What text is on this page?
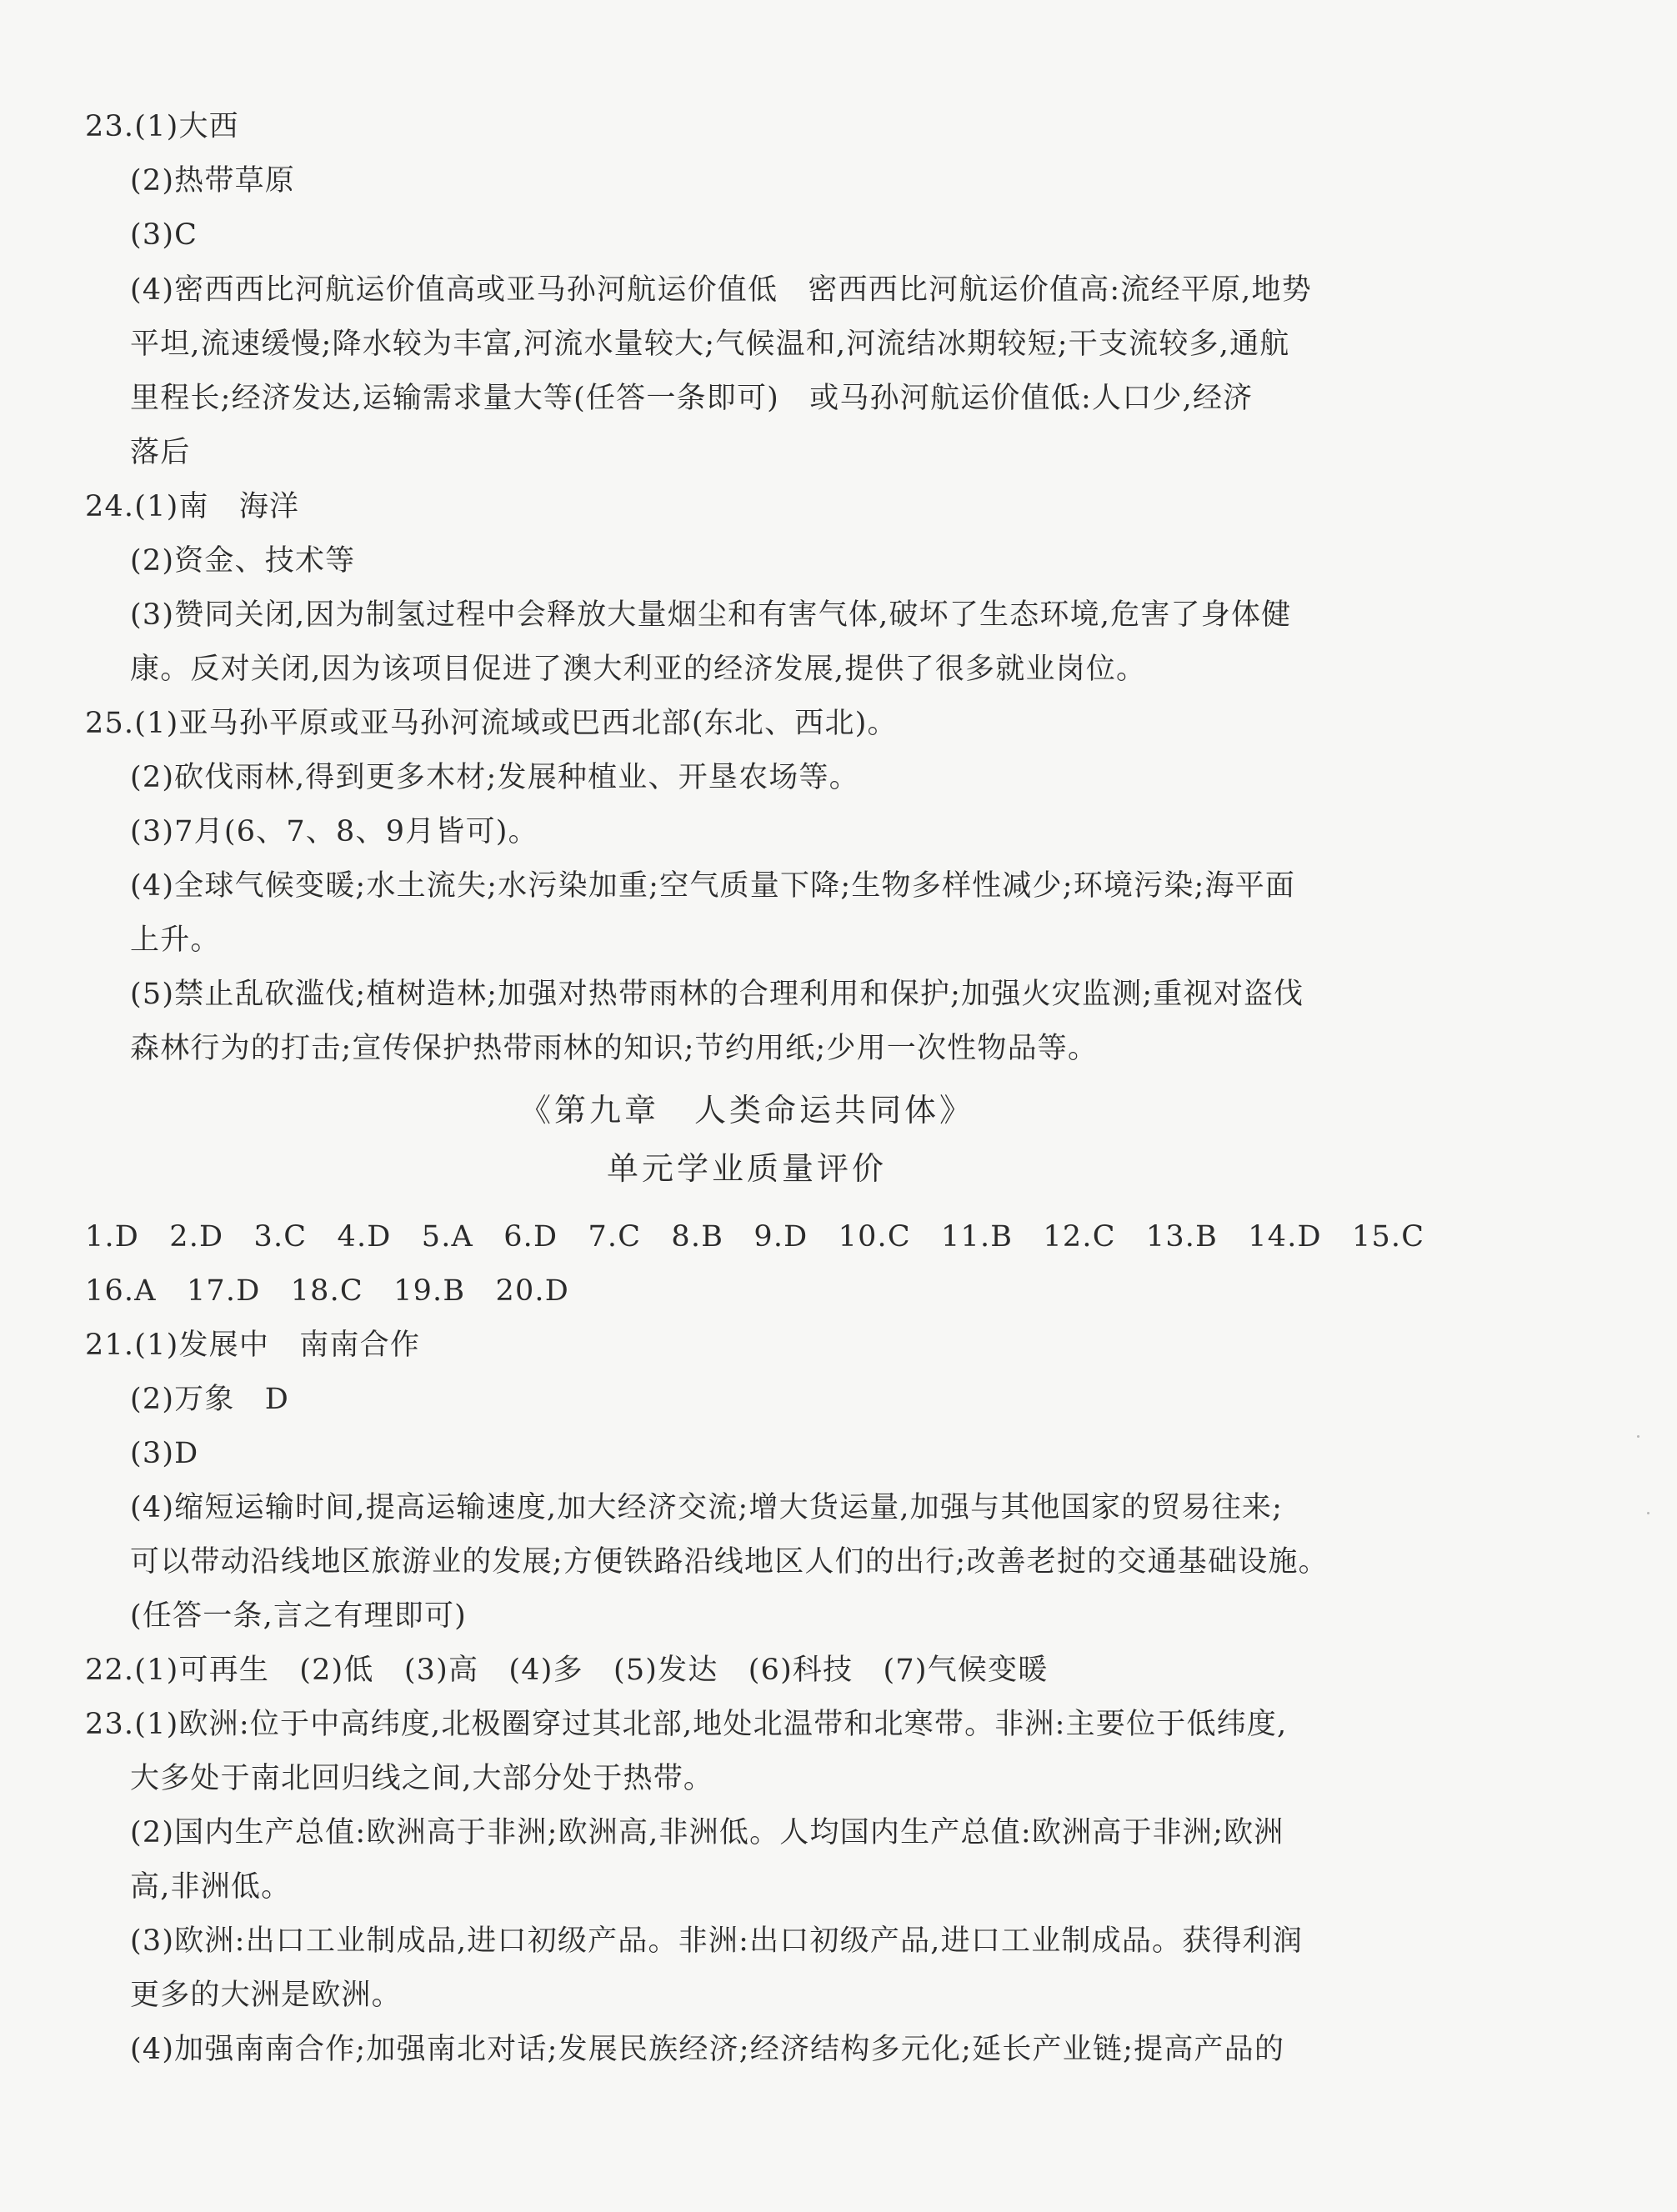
23.(1)大西
(2)热带草原
(3)C
(4)密西西比河航运价值高或亚马孙河航运价值低　密西西比河航运价值高:流经平原,地势
平坦,流速缓慢;降水较为丰富,河流水量较大;气候温和,河流结冰期较短;干支流较多,通航
里程长;经济发达,运输需求量大等(任答一条即可)　或马孙河航运价值低:人口少,经济
落后
24.(1)南　海洋
(2)资金、技术等
(3)赞同关闭,因为制氢过程中会释放大量烟尘和有害气体,破坏了生态环境,危害了身体健
康。反对关闭,因为该项目促进了澳大利亚的经济发展,提供了很多就业岗位。
25.(1)亚马孙平原或亚马孙河流域或巴西北部(东北、西北)。
(2)砍伐雨林,得到更多木材;发展种植业、开垦农场等。
(3)7月(6、7、8、9月皆可)。
(4)全球气候变暖;水土流失;水污染加重;空气质量下降;生物多样性减少;环境污染;海平面
上升。
(5)禁止乱砍滥伐;植树造林;加强对热带雨林的合理利用和保护;加强火灾监测;重视对盗伐
森林行为的打击;宣传保护热带雨林的知识;节约用纸;少用一次性物品等。
《第九章　人类命运共同体》
单元学业质量评价
1.D　2.D　3.C　4.D　5.A　6.D　7.C　8.B　9.D　10.C　11.B　12.C　13.B　14.D　15.C
16.A　17.D　18.C　19.B　20.D
21.(1)发展中　南南合作
(2)万象　D
(3)D
(4)缩短运输时间,提高运输速度,加大经济交流;增大货运量,加强与其他国家的贸易往来;
可以带动沿线地区旅游业的发展;方便铁路沿线地区人们的出行;改善老挝的交通基础设施。
(任答一条,言之有理即可)
22.(1)可再生　(2)低　(3)高　(4)多　(5)发达　(6)科技　(7)气候变暖
23.(1)欧洲:位于中高纬度,北极圈穿过其北部,地处北温带和北寒带。非洲:主要位于低纬度,
大多处于南北回归线之间,大部分处于热带。
(2)国内生产总值:欧洲高于非洲;欧洲高,非洲低。人均国内生产总值:欧洲高于非洲;欧洲
高,非洲低。
(3)欧洲:出口工业制成品,进口初级产品。非洲:出口初级产品,进口工业制成品。获得利润
更多的大洲是欧洲。
(4)加强南南合作;加强南北对话;发展民族经济;经济结构多元化;延长产业链;提高产品的
